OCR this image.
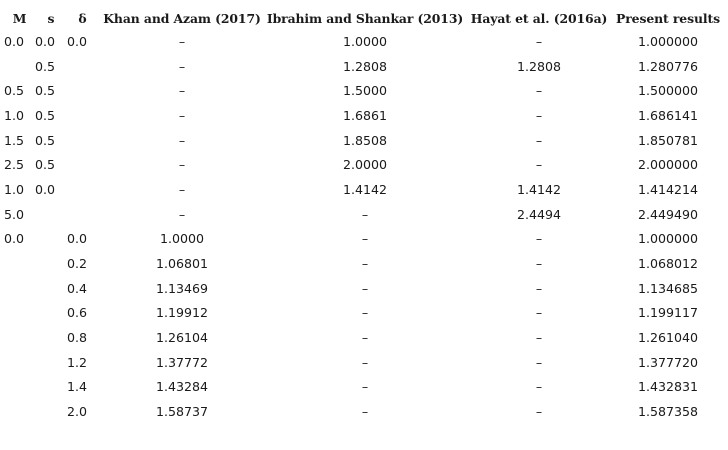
M	s	δ	Khan and Azam (2017)	Ibrahim and Shankar (2013)	Hayat et al. (2016a)	Present results
0.0	0.0	0.0	–	1.0000	–	1.000000
	0.5		–	1.2808	1.2808	1.280776
0.5	0.5		–	1.5000	–	1.500000
1.0	0.5		–	1.6861	–	1.686141
1.5	0.5		–	1.8508	–	1.850781
2.5	0.5		–	2.0000	–	2.000000
1.0	0.0		–	1.4142	1.4142	1.414214
5.0			–	–	2.4494	2.449490
0.0		0.0	1.0000	–	–	1.000000
		0.2	1.06801	–	–	1.068012
		0.4	1.13469	–	–	1.134685
		0.6	1.19912	–	–	1.199117
		0.8	1.26104	–	–	1.261040
		1.2	1.37772	–	–	1.377720
		1.4	1.43284	–	–	1.432831
		2.0	1.58737	–	–	1.587358
